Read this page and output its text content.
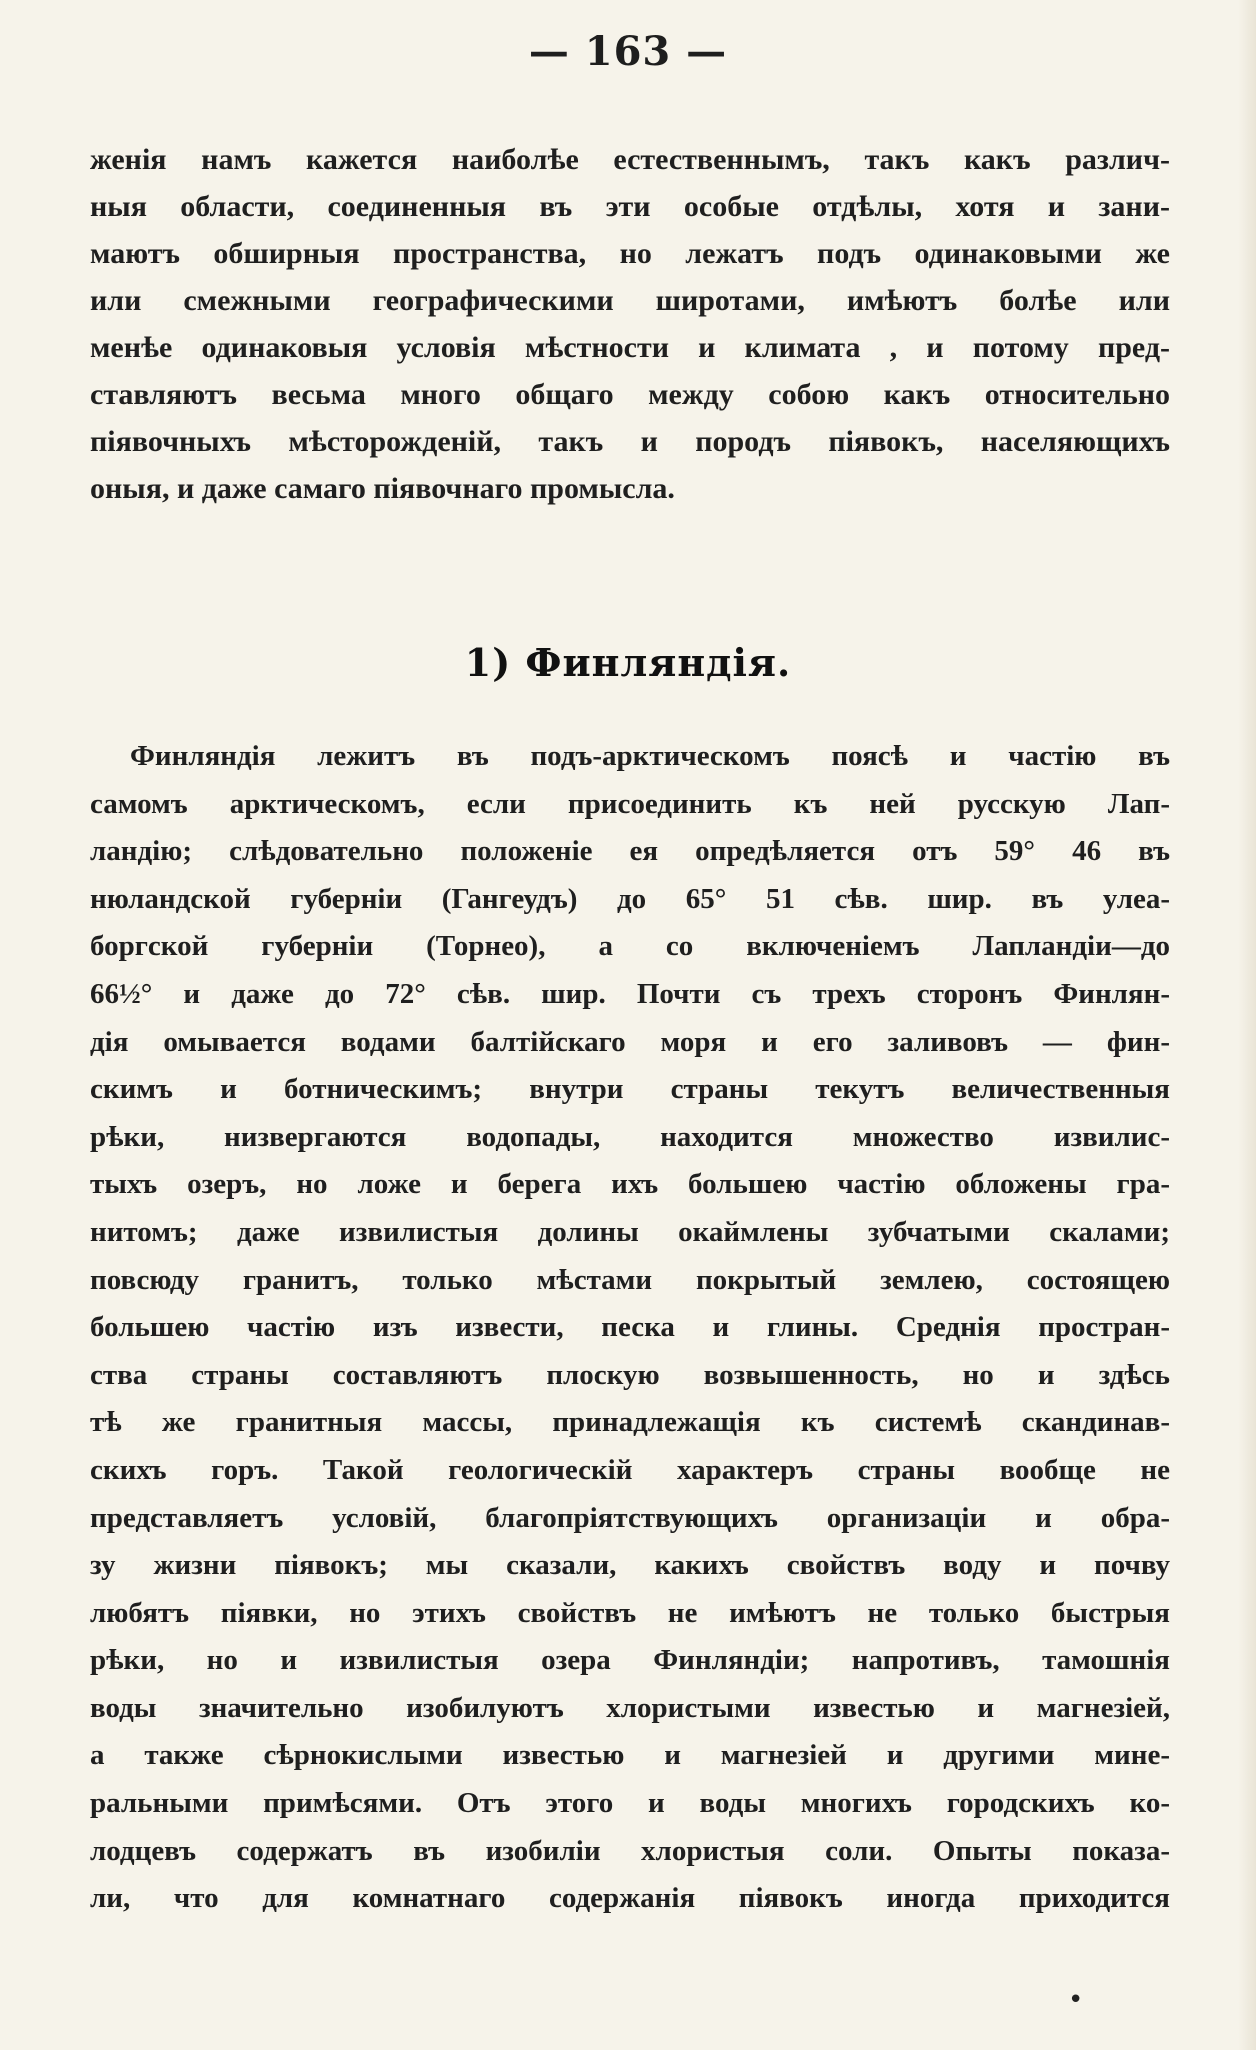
— 163 —
женія намъ кажется наиболѣе естественнымъ, такъ какъ различ-
ныя области, соединенныя въ эти особые отдѣлы, хотя и зани-
маютъ обширныя пространства, но лежатъ подъ одинаковыми же
или смежными географическими широтами, имѣютъ болѣе или
менѣе одинаковыя условія мѣстности и климата , и потому пред-
ставляютъ весьма много общаго между собою какъ относительно
піявочныхъ мѣсторожденій, такъ и породъ піявокъ, населяющихъ
оныя, и даже самаго піявочнаго промысла.
1) Финляндія.
Финляндія лежитъ въ подъ-арктическомъ поясѣ и частію въ
самомъ арктическомъ, если присоединить къ ней русскую Лап-
ландію; слѣдовательно положеніе ея опредѣляется отъ 59° 46 въ
нюландской губерніи (Гангеудъ) до 65° 51 сѣв. шир. въ улеа-
боргской губерніи (Торнео), а со включеніемъ Лапландіи—до
66½° и даже до 72° сѣв. шир. Почти съ трехъ сторонъ Финлян-
дія омывается водами балтійскаго моря и его заливовъ — фин-
скимъ и ботническимъ; внутри страны текутъ величественныя
рѣки, низвергаются водопады, находится множество извилис-
тыхъ озеръ, но ложе и берега ихъ большею частію обложены гра-
нитомъ; даже извилистыя долины окаймлены зубчатыми скалами;
повсюду гранитъ, только мѣстами покрытый землею, состоящею
большею частію изъ извести, песка и глины. Среднія простран-
ства страны составляютъ плоскую возвышенность, но и здѣсь
тѣ же гранитныя массы, принадлежащія къ системѣ скандинав-
скихъ горъ. Такой геологическій характеръ страны вообще не
представляетъ условій, благопріятствующихъ организаціи и обра-
зу жизни піявокъ; мы сказали, какихъ свойствъ воду и почву
любятъ піявки, но этихъ свойствъ не имѣютъ не только быстрыя
рѣки, но и извилистыя озера Финляндіи; напротивъ, тамошнія
воды значительно изобилуютъ хлористыми известью и магнезіей,
а также сѣрнокислыми известью и магнезіей и другими мине-
ральными примѣсями. Отъ этого и воды многихъ городскихъ ко-
лодцевъ содержатъ въ изобиліи хлористыя соли. Опыты показа-
ли, что для комнатнаго содержанія піявокъ иногда приходится
•
